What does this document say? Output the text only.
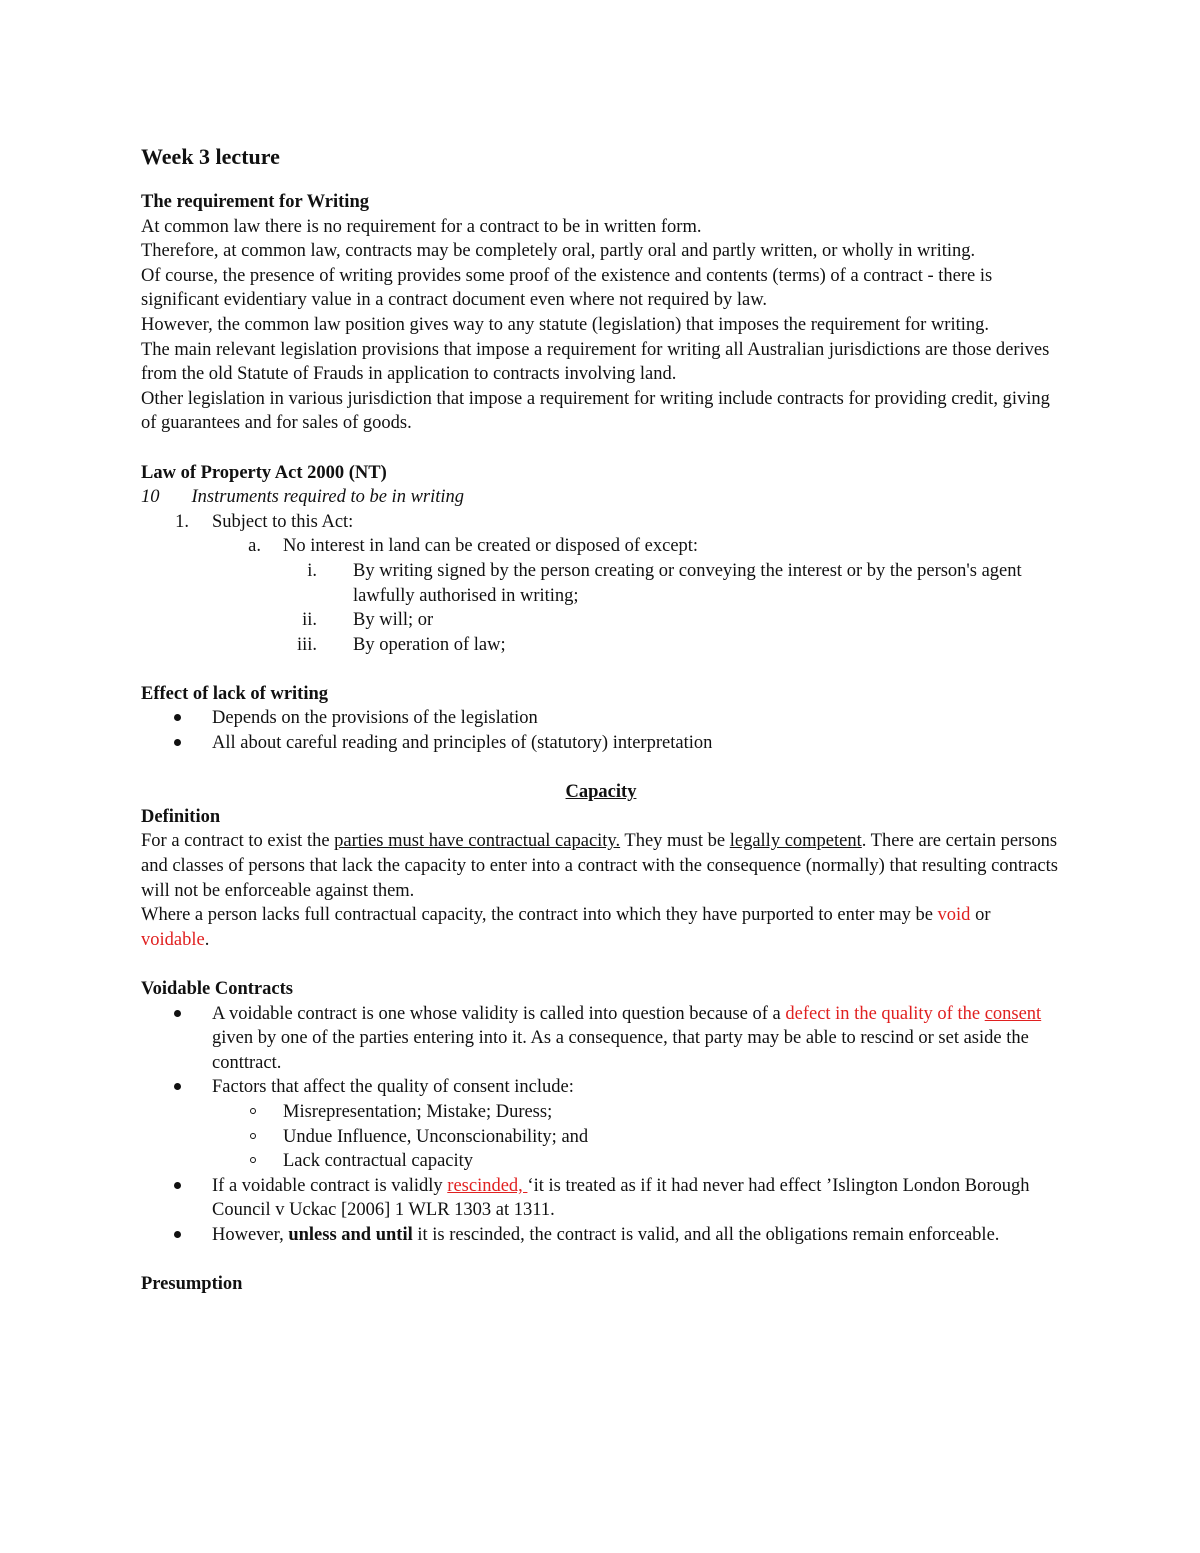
Week 3 lecture
The requirement for Writing
At common law there is no requirement for a contract to be in written form.
Therefore, at common law, contracts may be completely oral, partly oral and partly written, or wholly in writing.
Of course, the presence of writing provides some proof of the existence and contents (terms) of a contract - there is significant evidentiary value in a contract document even where not required by law.
However, the common law position gives way to any statute (legislation) that imposes the requirement for writing.
The main relevant legislation provisions that impose a requirement for writing all Australian jurisdictions are those derives from the old Statute of Frauds in application to contracts involving land.
Other legislation in various jurisdiction that impose a requirement for writing include contracts for providing credit, giving of guarantees and for sales of goods.
Law of Property Act 2000 (NT)
10 Instruments required to be in writing
1. Subject to this Act:
a. No interest in land can be created or disposed of except:
i. By writing signed by the person creating or conveying the interest or by the person's agent lawfully authorised in writing;
ii. By will; or
iii. By operation of law;
Effect of lack of writing
Depends on the provisions of the legislation
All about careful reading and principles of (statutory) interpretation
Capacity
Definition
For a contract to exist the parties must have contractual capacity. They must be legally competent. There are certain persons and classes of persons that lack the capacity to enter into a contract with the consequence (normally) that resulting contracts will not be enforceable against them.
Where a person lacks full contractual capacity, the contract into which they have purported to enter may be void or voidable.
Voidable Contracts
A voidable contract is one whose validity is called into question because of a defect in the quality of the consent given by one of the parties entering into it. As a consequence, that party may be able to rescind or set aside the conttract.
Factors that affect the quality of consent include:
Misrepresentation; Mistake; Duress;
Undue Influence, Unconscionability; and
Lack contractual capacity
If a voidable contract is validly rescinded, ‘it is treated as if it had never had effect ’Islington London Borough Council v Uckac [2006] 1 WLR 1303 at 1311.
However, unless and until it is rescinded, the contract is valid, and all the obligations remain enforceable.
Presumption
